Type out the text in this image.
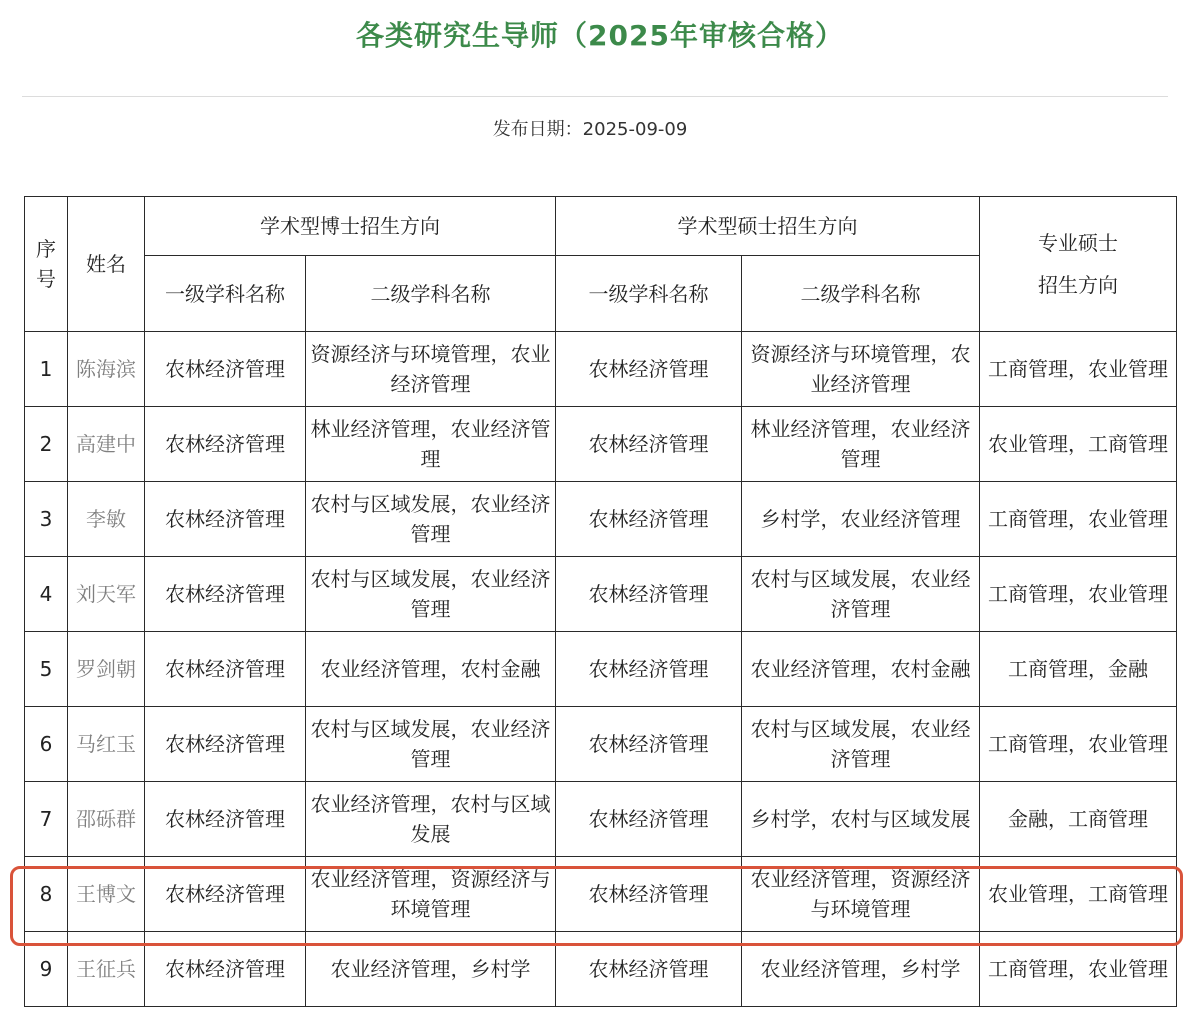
各类研究生导师（2025年审核合格）
发布日期：2025-09-09
序号	姓名	学术型博士招生方向		学术型硕士招生方向		专业硕士
招生方向

		一级学科名称	二级学科名称	一级学科名称	二级学科名称	
1	陈海滨	农林经济管理	资源经济与环境管理，农业经济管理	农林经济管理	资源经济与环境管理，农业经济管理	工商管理，农业管理
2	高建中	农林经济管理	林业经济管理，农业经济管理	农林经济管理	林业经济管理，农业经济管理	农业管理，工商管理
3	李敏	农林经济管理	农村与区域发展，农业经济管理	农林经济管理	乡村学，农业经济管理	工商管理，农业管理
4	刘天军	农林经济管理	农村与区域发展，农业经济管理	农林经济管理	农村与区域发展，农业经济管理	工商管理，农业管理
5	罗剑朝	农林经济管理	农业经济管理，农村金融	农林经济管理	农业经济管理，农村金融	工商管理，金融
6	马红玉	农林经济管理	农村与区域发展，农业经济管理	农林经济管理	农村与区域发展，农业经济管理	工商管理，农业管理
7	邵砾群	农林经济管理	农业经济管理，农村与区域发展	农林经济管理	乡村学，农村与区域发展	金融，工商管理
8	王博文	农林经济管理	农业经济管理，资源经济与环境管理	农林经济管理	农业经济管理，资源经济与环境管理	农业管理，工商管理
9	王征兵	农林经济管理	农业经济管理，乡村学	农林经济管理	农业经济管理，乡村学	工商管理，农业管理
